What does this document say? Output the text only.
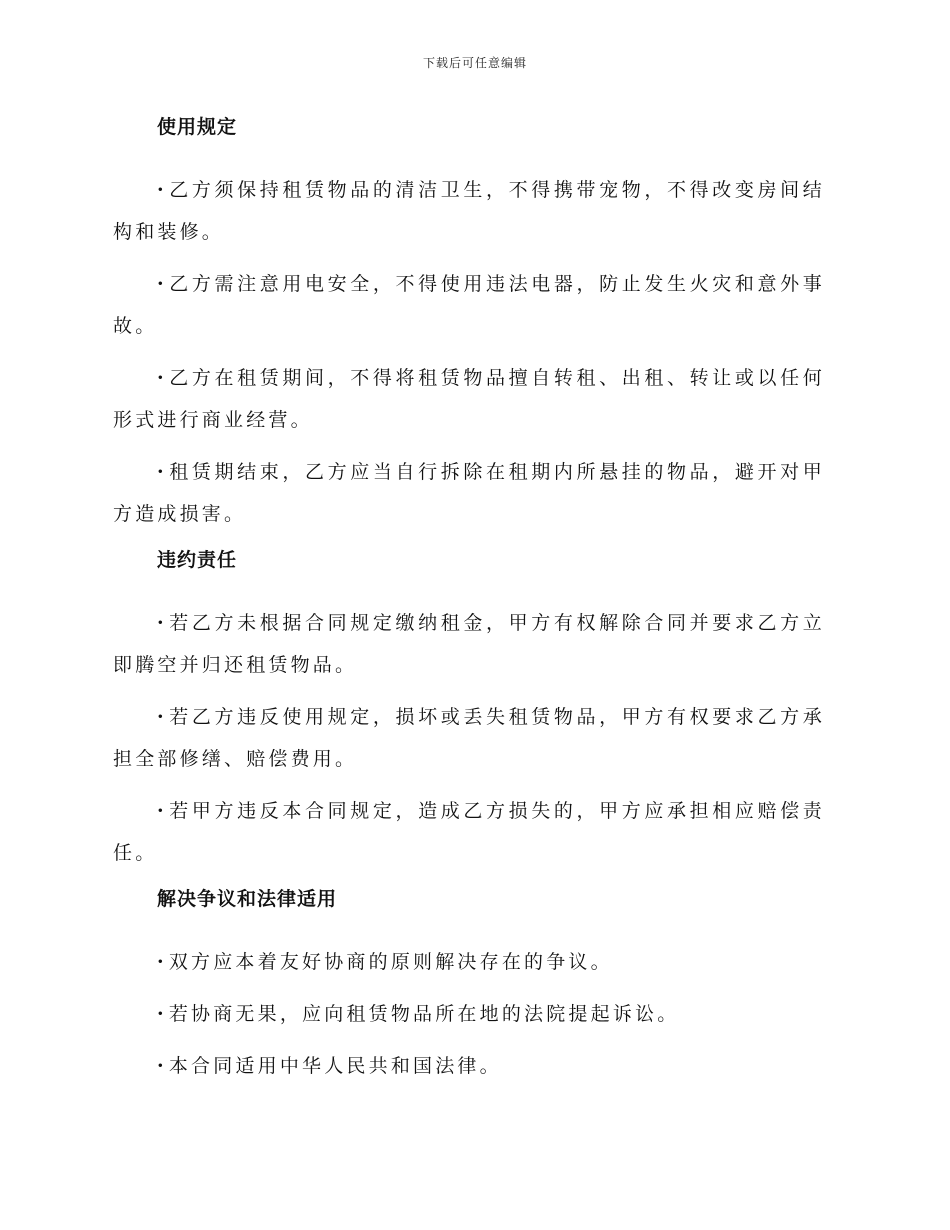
下载后可任意编辑
使用规定

· 乙方须保持租赁物品的清洁卫生，不得携带宠物，不得改变房间结构和装修。

· 乙方需注意用电安全，不得使用违法电器，防止发生火灾和意外事故。

· 乙方在租赁期间，不得将租赁物品擅自转租、出租、转让或以任何形式进行商业经营。

· 租赁期结束，乙方应当自行拆除在租期内所悬挂的物品，避开对甲方造成损害。

违约责任

· 若乙方未根据合同规定缴纳租金，甲方有权解除合同并要求乙方立即腾空并归还租赁物品。

· 若乙方违反使用规定，损坏或丢失租赁物品，甲方有权要求乙方承担全部修缮、赔偿费用。

· 若甲方违反本合同规定，造成乙方损失的，甲方应承担相应赔偿责任。

解决争议和法律适用

· 双方应本着友好协商的原则解决存在的争议。

· 若协商无果，应向租赁物品所在地的法院提起诉讼。

· 本合同适用中华人民共和国法律。
